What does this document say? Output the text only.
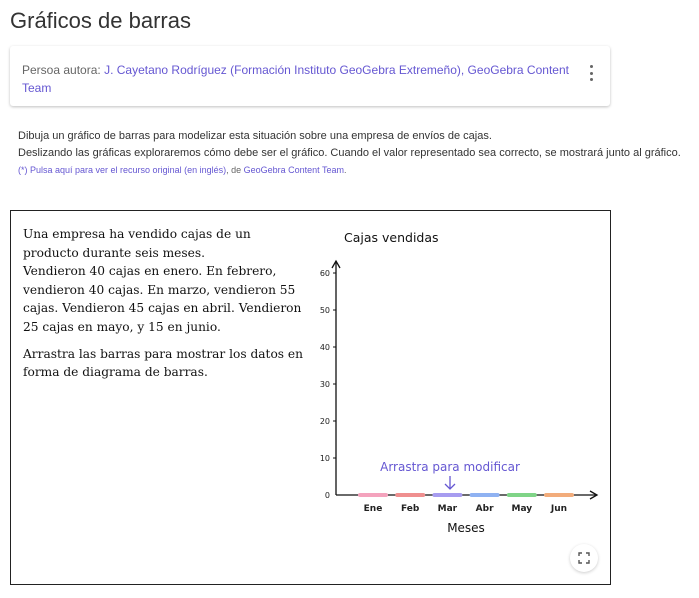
Gráficos de barras
Persoa autora: J. Cayetano Rodríguez (Formación Instituto GeoGebra Extremeño), GeoGebra Content Team

Dibuja un gráfico de barras para modelizar esta situación sobre una empresa de envíos de cajas.

Deslizando las gráficas exploraremos cómo debe ser el gráfico. Cuando el valor representado sea correcto, se mostrará junto al gráfico.

(*) Pulsa aquí para ver el recurso original (en inglés), de GeoGebra Content Team.

Una empresa ha vendido cajas de un producto durante seis meses.

Vendieron 40 cajas en enero. En febrero, vendieron 40 cajas. En marzo, vendieron 55 cajas. Vendieron 45 cajas en abril. Vendieron 25 cajas en mayo, y 15 en junio.

Arrastra las barras para mostrar los datos en forma de diagrama de barras.

Cajas vendidas
0
10
20
30
40
50
60
Ene Feb Mar Abr May Jun
Arrastra para modificar
Meses
